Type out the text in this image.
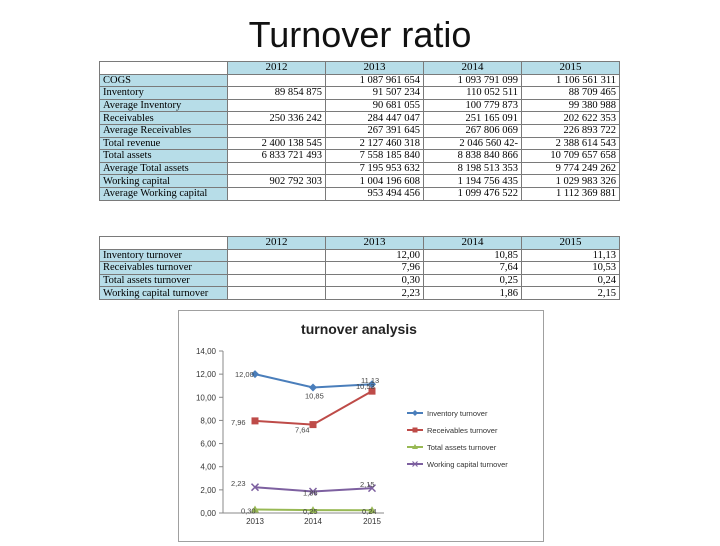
Turnover ratio
	2012	2013	2014	2015
COGS		1 087 961 654	1 093 791 099	1 106 561 311
Inventory	89 854 875	91 507 234	110 052 511	88 709 465
Average Inventory		90 681 055	100 779 873	99 380 988
Receivables	250 336 242	284 447 047	251 165 091	202 622 353
Average Receivables		267 391 645	267 806 069	226 893 722
Total revenue	2 400 138 545	2 127 460 318	2 046 560 42-	2 388 614 543
Total assets	6 833 721 493	7 558 185 840	8 838 840 866	10 709 657 658
Average Total assets		7 195 953 632	8 198 513 353	9 774 249 262
Working capital	902 792 303	1 004 196 608	1 194 756 435	1 029 983 326
Average Working capital		953 494 456	1 099 476 522	1 112 369 881
	2012	2013	2014	2015
Inventory turnover		12,00	10,85	11,13
Receivables turnover		7,96	7,64	10,53
Total assets turnover		0,30	0,25	0,24
Working capital turnover		2,23	1,86	2,15
turnover analysis
0,00
2,00
4,00
6,00
8,00
10,00
12,00
14,00
2013	2014	2015
12,00
10,85
11,13
7,96
7,64
10,53
0,30	0,25	0,24
2,23
1,86
2,15
Inventory turnover
Receivables turnover
Total assets turnover
Working capital turnover
